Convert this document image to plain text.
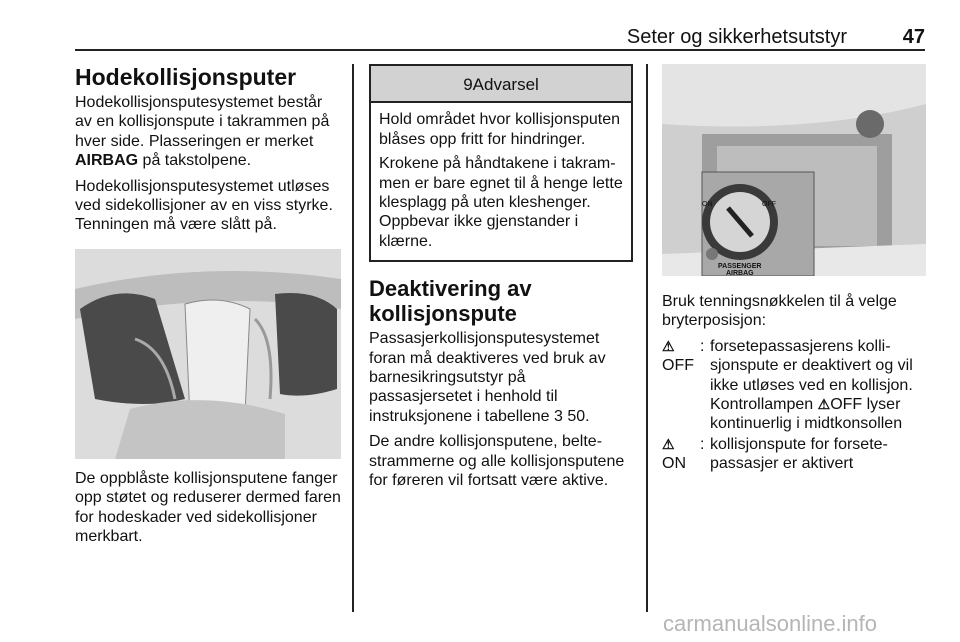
Seter og sikkerhetsutstyr	47
Hodekollisjonsputer

Hodekollisjonsputesystemet består av en kollisjonspute i takrammen på hver side. Plasseringen er merket AIRBAG på takstolpene.

Hodekollisjonsputesystemet utløses ved sidekollisjoner av en viss styrke. Tenningen må være slått på.

De oppblåste kollisjonsputene fanger opp støtet og reduserer dermed faren for hodeskader ved sidekollisjoner merkbart.

9Advarsel

Hold området hvor kollisjonsputen blåses opp fritt for hindringer.

Krokene på håndtakene i takrammen er bare egnet til å henge lette klesplagg på uten kleshenger. Oppbevar ikke gjenstander i klærne.

Deaktivering av kollisjonspute

Passasjerkollisjonsputesystemet foran må deaktiveres ved bruk av barnesikringsutstyr på passasjersetet i henhold til instruksjonene i tabellene 3 50.

De andre kollisjonsputene, beltestrammerne og alle kollisjonsputene for føreren vil fortsatt være aktive.

ON	OFF
PASSENGER
AIRBAG

Bruk tenningsnøkkelen til å velge bryterposisjon:

⚠
OFF
: forsetepassasjerens kollisjonspute er deaktivert og vil ikke utløses ved en kollisjon. Kontrollampen ⚠OFF lyser kontinuerlig i midtkonsollen
⚠
ON
: kollisjonspute for forsetepassasjer er aktivert
carmanualsonline.info
